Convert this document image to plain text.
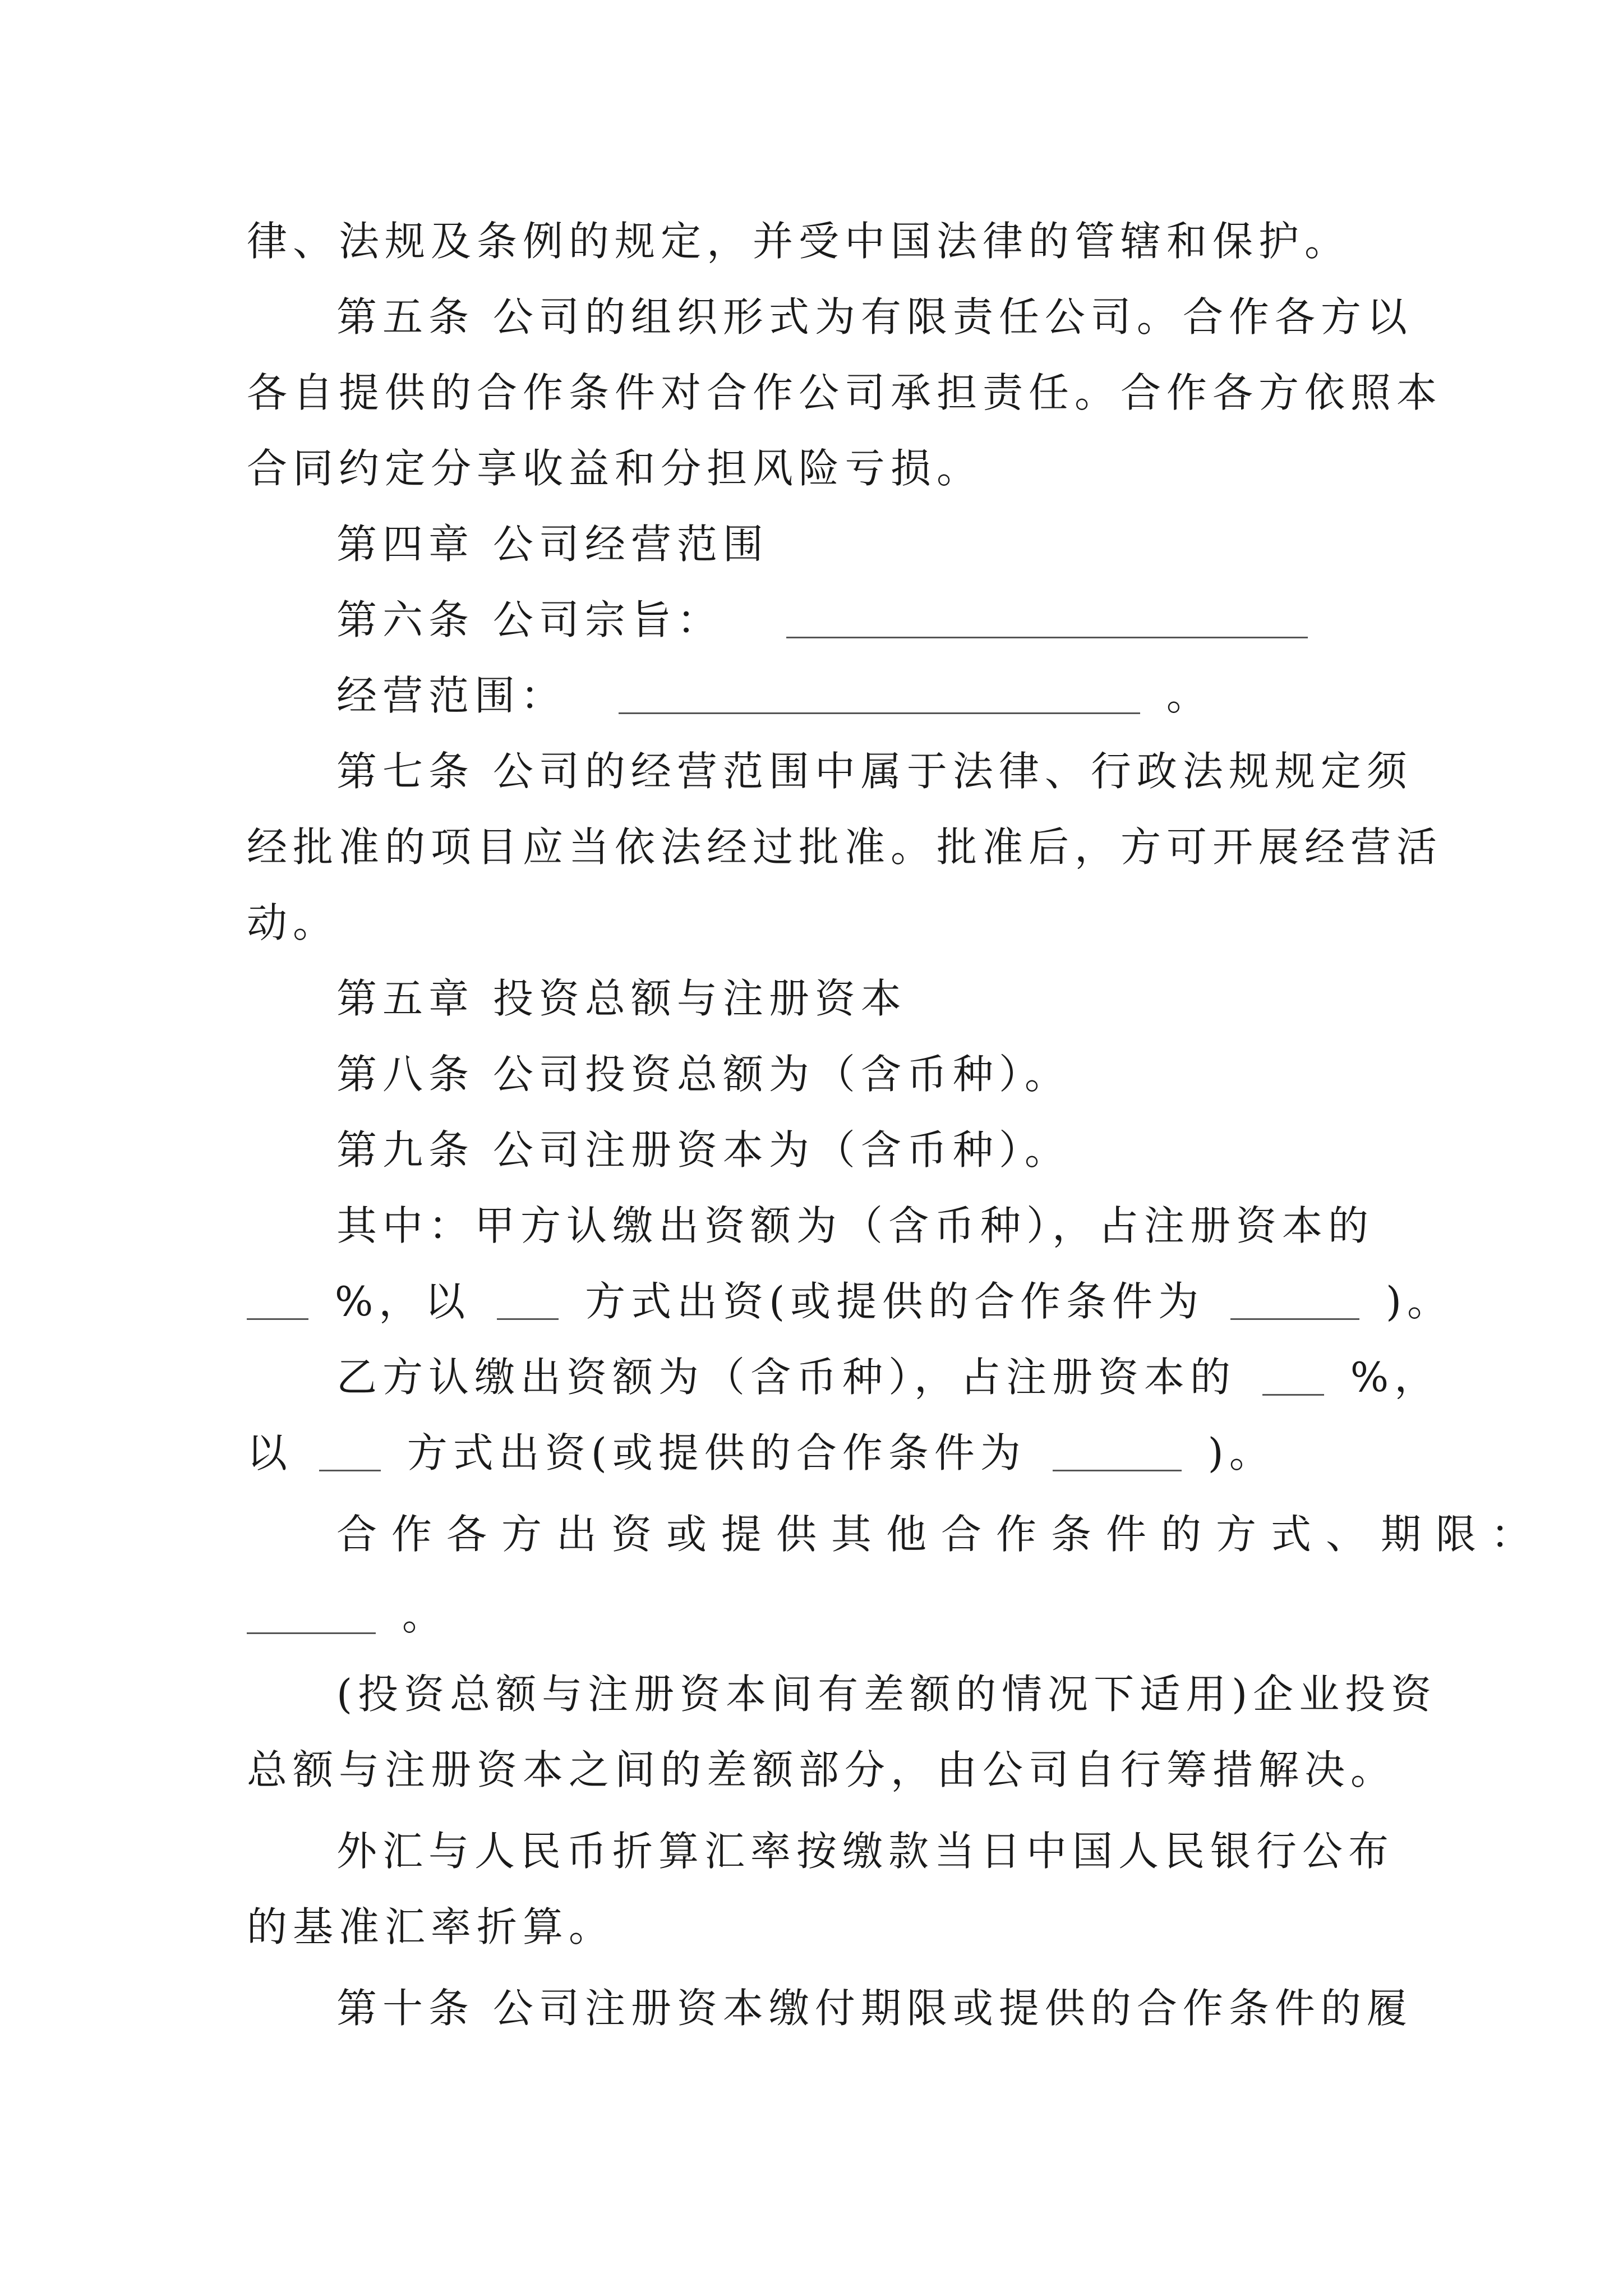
律、法规及条例的规定，并受中国法律的管辖和保护。
第五条 公司的组织形式为有限责任公司。合作各方以
各自提供的合作条件对合作公司承担责任。合作各方依照本
合同约定分享收益和分担风险亏损。
第四章 公司经营范围
第六条 公司宗旨：
经营范围：	。
第七条 公司的经营范围中属于法律、行政法规规定须
经批准的项目应当依法经过批准。批准后，方可开展经营活
动。
第五章 投资总额与注册资本
第八条 公司投资总额为（含币种）。
第九条 公司注册资本为（含币种）。
其中：甲方认缴出资额为（含币种），占注册资本的
%，以	方式出资(或提供的合作条件为	)。
乙方认缴出资额为（含币种），占注册资本的	%，
以	方式出资(或提供的合作条件为	)。
合作各方出资或提供其他合作条件的方式、期限：
。
(投资总额与注册资本间有差额的情况下适用)企业投资
总额与注册资本之间的差额部分，由公司自行筹措解决。
外汇与人民币折算汇率按缴款当日中国人民银行公布
的基准汇率折算。
第十条 公司注册资本缴付期限或提供的合作条件的履
